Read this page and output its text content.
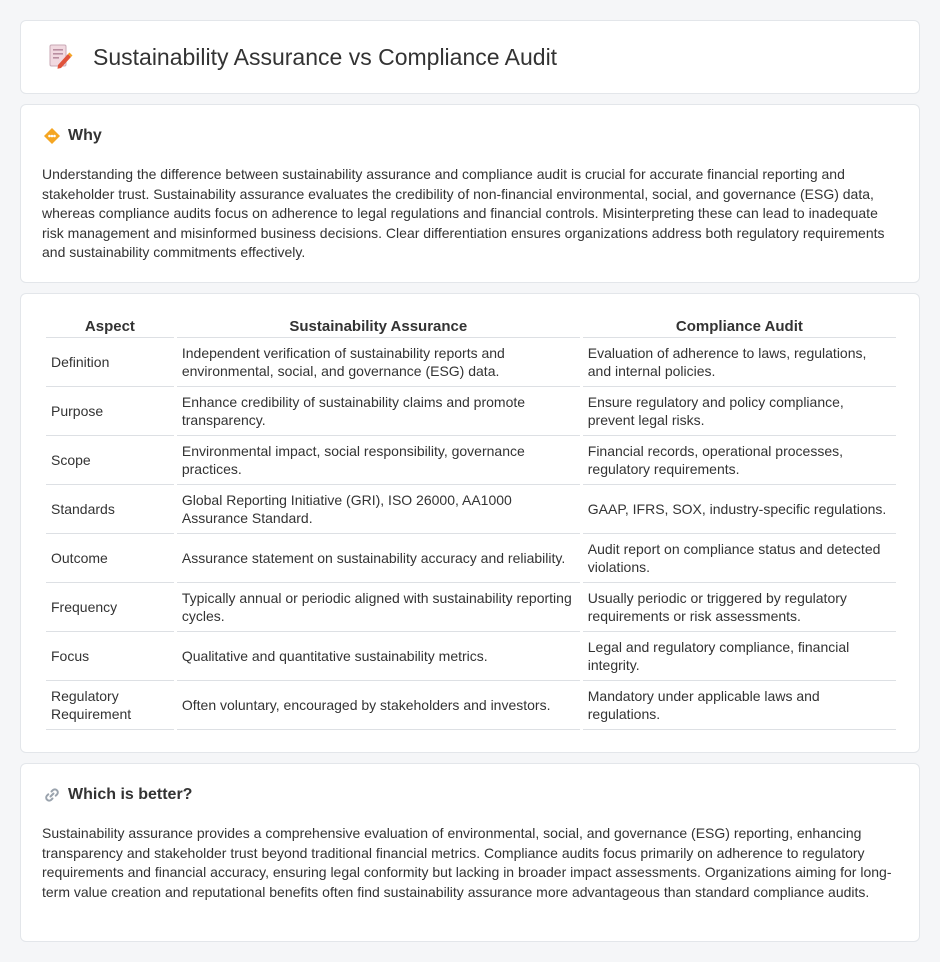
Sustainability Assurance vs Compliance Audit
Why

Understanding the difference between sustainability assurance and compliance audit is crucial for accurate financial reporting and stakeholder trust. Sustainability assurance evaluates the credibility of non-financial environmental, social, and governance (ESG) data, whereas compliance audits focus on adherence to legal regulations and financial controls. Misinterpreting these can lead to inadequate risk management and misinformed business decisions. Clear differentiation ensures organizations address both regulatory requirements and sustainability commitments effectively.

Aspect	Sustainability Assurance	Compliance Audit
Definition	Independent verification of sustainability reports and environmental, social, and governance (ESG) data.	Evaluation of adherence to laws, regulations, and internal policies.
Purpose	Enhance credibility of sustainability claims and promote transparency.	Ensure regulatory and policy compliance, prevent legal risks.
Scope	Environmental impact, social responsibility, governance practices.	Financial records, operational processes, regulatory requirements.
Standards	Global Reporting Initiative (GRI), ISO 26000, AA1000 Assurance Standard.	GAAP, IFRS, SOX, industry-specific regulations.
Outcome	Assurance statement on sustainability accuracy and reliability.	Audit report on compliance status and detected violations.
Frequency	Typically annual or periodic aligned with sustainability reporting cycles.	Usually periodic or triggered by regulatory requirements or risk assessments.
Focus	Qualitative and quantitative sustainability metrics.	Legal and regulatory compliance, financial integrity.
Regulatory Requirement	Often voluntary, encouraged by stakeholders and investors.	Mandatory under applicable laws and regulations.
Which is better?

Sustainability assurance provides a comprehensive evaluation of environmental, social, and governance (ESG) reporting, enhancing transparency and stakeholder trust beyond traditional financial metrics. Compliance audits focus primarily on adherence to regulatory requirements and financial accuracy, ensuring legal conformity but lacking in broader impact assessments. Organizations aiming for long-term value creation and reputational benefits often find sustainability assurance more advantageous than standard compliance audits.
